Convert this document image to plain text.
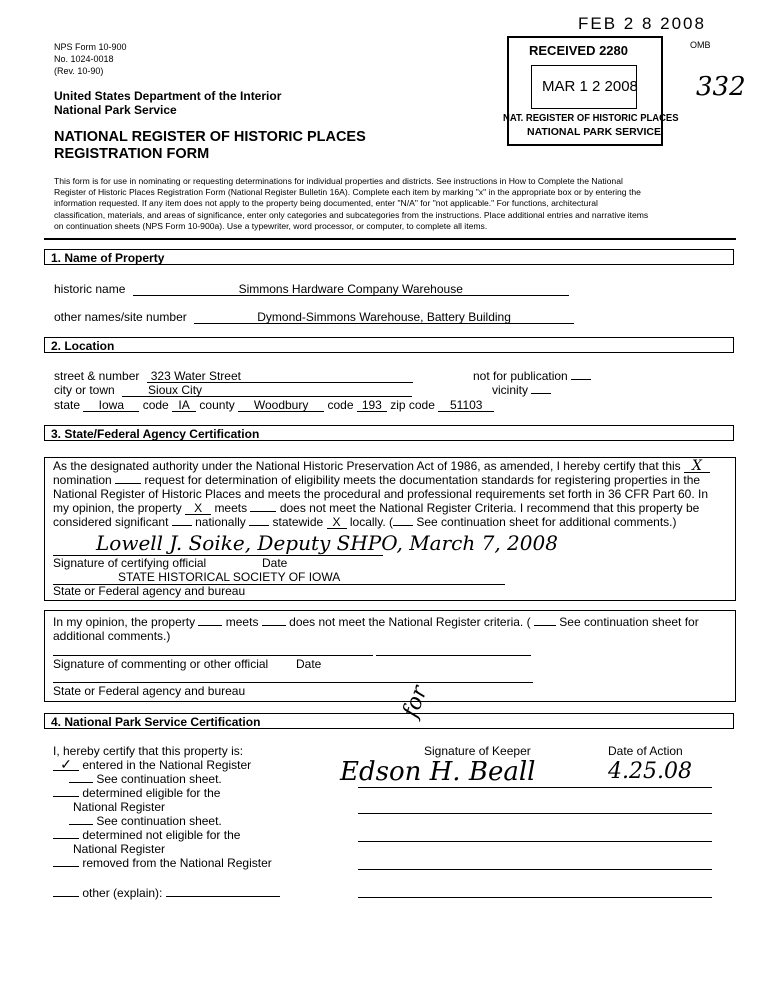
NPS Form 10-900
No. 1024-0018
(Rev. 10-90)
OMB
332
United States Department of the Interior
National Park Service
NATIONAL REGISTER OF HISTORIC PLACES
REGISTRATION FORM
FEB 2 8 2008
RECEIVED 2280
MAR 1 2 2008
NAT. REGISTER OF HISTORIC PLACES
NATIONAL PARK SERVICE
This form is for use in nominating or requesting determinations for individual properties and districts. See instructions in How to Complete the National
Register of Historic Places Registration Form (National Register Bulletin 16A). Complete each item by marking "x" in the appropriate box or by entering the
information requested. If any item does not apply to the property being documented, enter "N/A" for "not applicable." For functions, architectural
classification, materials, and areas of significance, enter only categories and subcategories from the instructions. Place additional entries and narrative items
on continuation sheets (NPS Form 10-900a). Use a typewriter, word processor, or computer, to complete all items.
1. Name of Property
historic name	Simmons Hardware Company Warehouse
other names/site number	Dymond-Simmons Warehouse, Battery Building
2. Location
street & number 323 Water Street	not for publication
city or town	Sioux City	vicinity
state Iowa code IA county Woodbury code 193 zip code 51103
3. State/Federal Agency Certification
As the designated authority under the National Historic Preservation Act of 1986, as amended, I hereby certify that this X
nomination	request for determination of eligibility meets the documentation standards for registering properties in the
National Register of Historic Places and meets the procedural and professional requirements set forth in 36 CFR Part 60. In
my opinion, the property X meets	does not meet the National Register Criteria. I recommend that this property be
considered significant nationally statewide X locally. ( See continuation sheet for additional comments.)
Lowell J. Soike, Deputy SHPO, March 7, 2008
Signature of certifying official	Date
STATE HISTORICAL SOCIETY OF IOWA
State or Federal agency and bureau
In my opinion, the property	meets	does not meet the National Register criteria. ( See continuation sheet for
additional comments.)
Signature of commenting or other official Date
State or Federal agency and bureau
4. National Park Service Certification
for
I, hereby certify that this property is:	Signature of Keeper	Date of Action
Edson H. Beall	4.25.08
✓ entered in the National Register
See continuation sheet.
determined eligible for the
National Register
See continuation sheet.
determined not eligible for the
National Register
removed from the National Register
other (explain):
